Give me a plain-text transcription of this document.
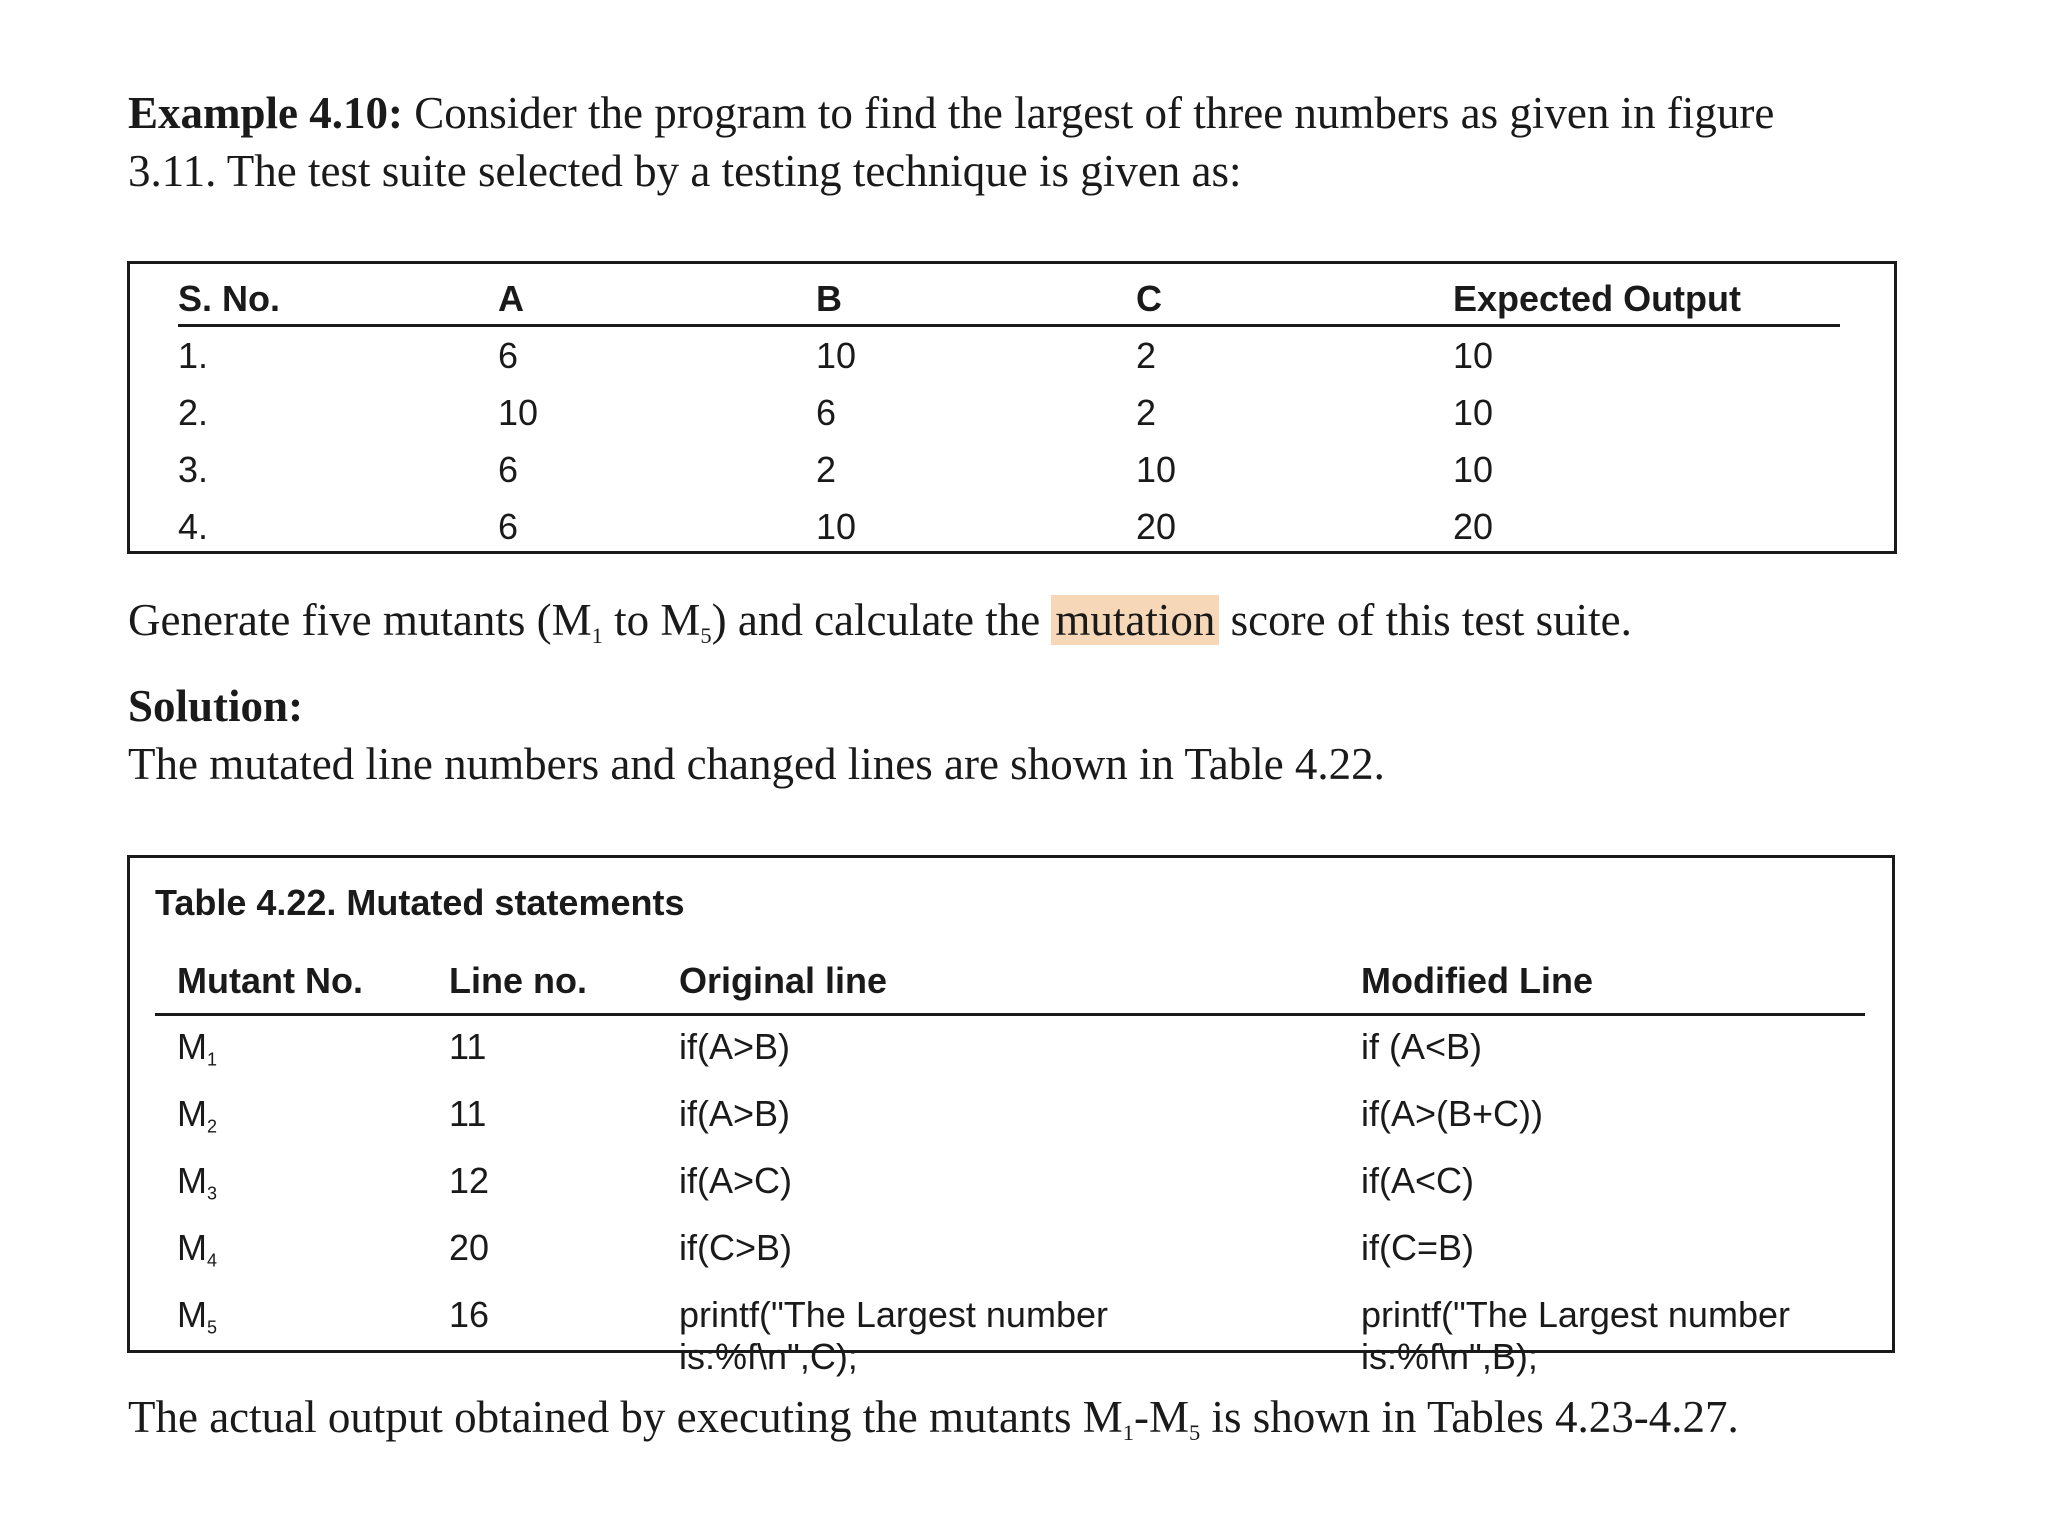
Example 4.10: Consider the program to find the largest of three numbers as given in figure
3.11. The test suite selected by a testing technique is given as:

S. No.	A	B	C	Expected Output
1.	6	10	2	10
2.	10	6	2	10
3.	6	2	10	10
4.	6	10	20	20

Generate five mutants ($M_1$ to $M_5$) and calculate the mutation score of this test suite.

Solution:

The mutated line numbers and changed lines are shown in Table 4.22.

Table 4.22. Mutated statements

Mutant No.	Line no.	Original line	Modified Line
$M_1$	11	if(A>B)	if (A<B)
$M_2$	11	if(A>B)	if(A>(B+C))
$M_3$	12	if(A>C)	if(A<C)
$M_4$	20	if(C>B)	if(C=B)
$M_5$	16	printf("The Largest number
is:%f\n",C);	printf("The Largest number
is:%f\n",B);

The actual output obtained by executing the mutants $M_1-M_5$ is shown in Tables 4.23-4.27.
